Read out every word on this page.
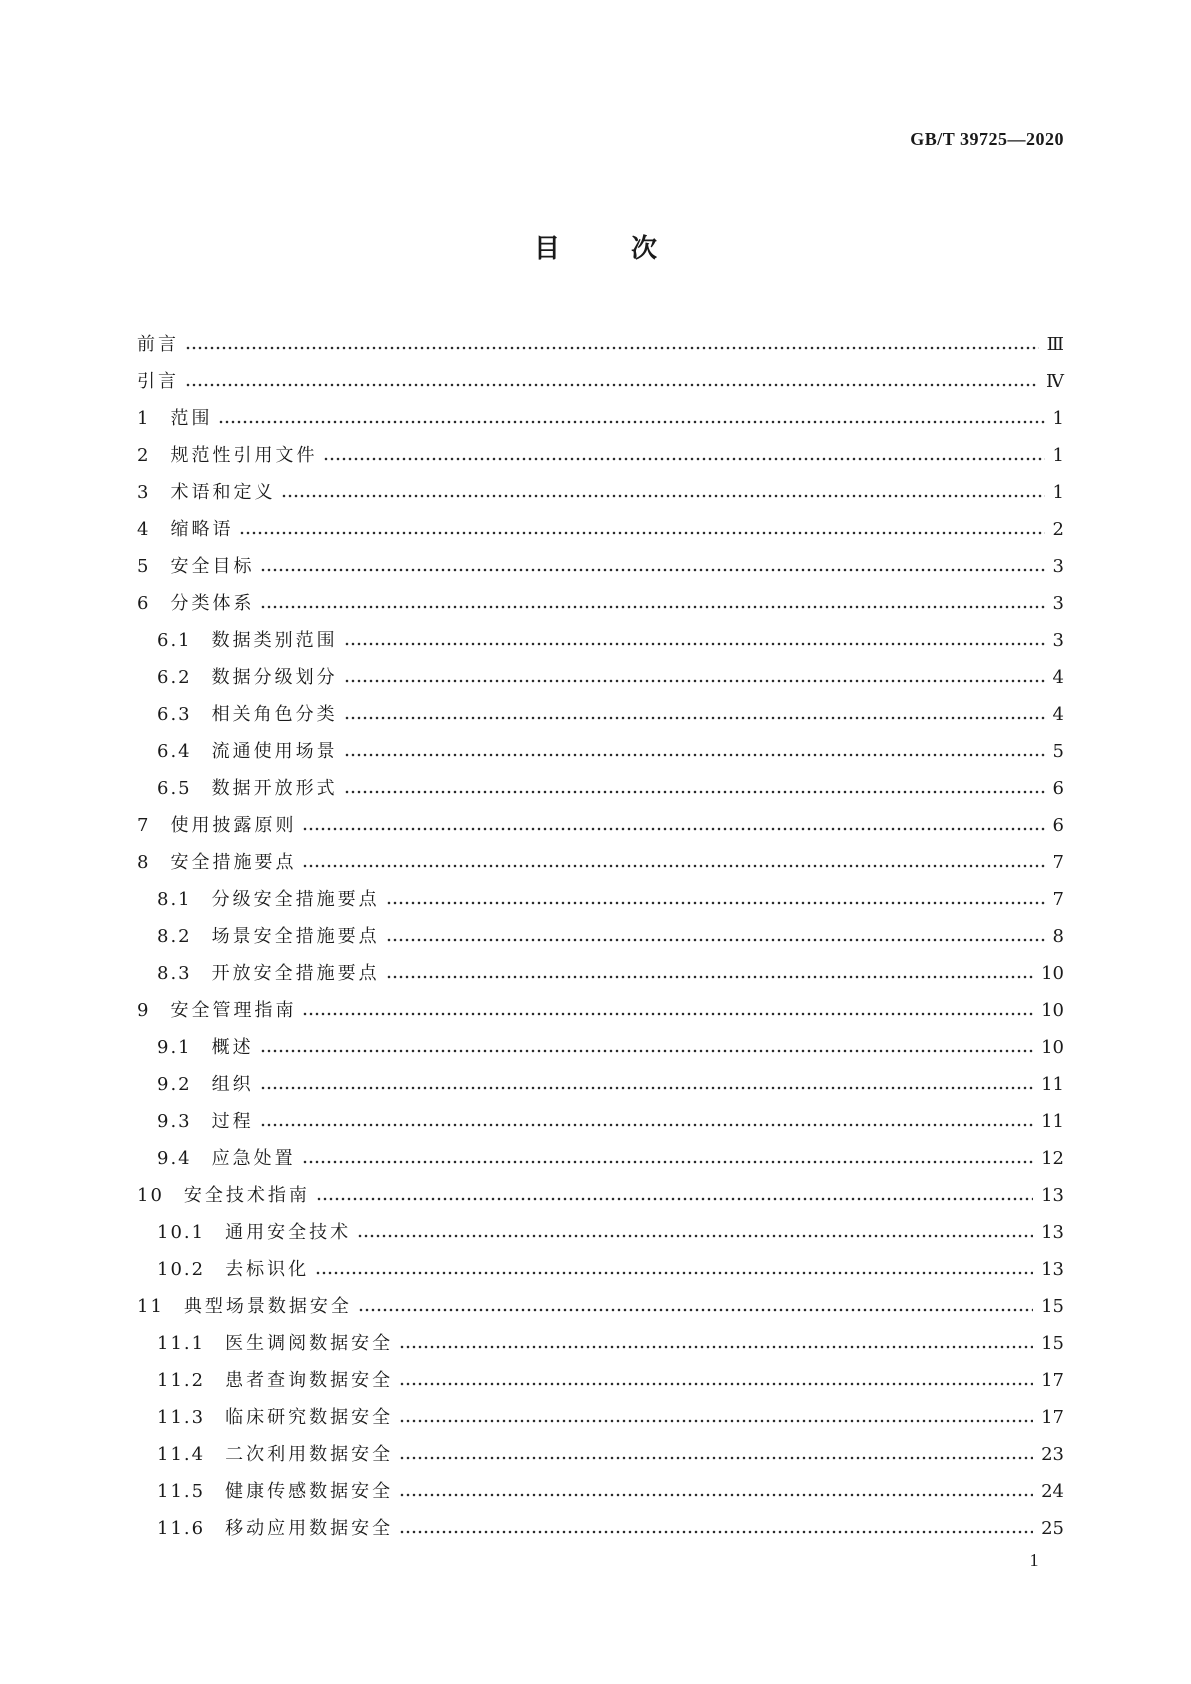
GB/T 39725—2020
目 次
前言	Ⅲ
引言	Ⅳ
1 范围	1
2 规范性引用文件	1
3 术语和定义	1
4 缩略语	2
5 安全目标	3
6 分类体系	3
6.1 数据类别范围	3
6.2 数据分级划分	4
6.3 相关角色分类	4
6.4 流通使用场景	5
6.5 数据开放形式	6
7 使用披露原则	6
8 安全措施要点	7
8.1 分级安全措施要点	7
8.2 场景安全措施要点	8
8.3 开放安全措施要点	10
9 安全管理指南	10
9.1 概述	10
9.2 组织	11
9.3 过程	11
9.4 应急处置	12
10 安全技术指南	13
10.1 通用安全技术	13
10.2 去标识化	13
11 典型场景数据安全	15
11.1 医生调阅数据安全	15
11.2 患者查询数据安全	17
11.3 临床研究数据安全	17
11.4 二次利用数据安全	23
11.5 健康传感数据安全	24
11.6 移动应用数据安全	25
1
